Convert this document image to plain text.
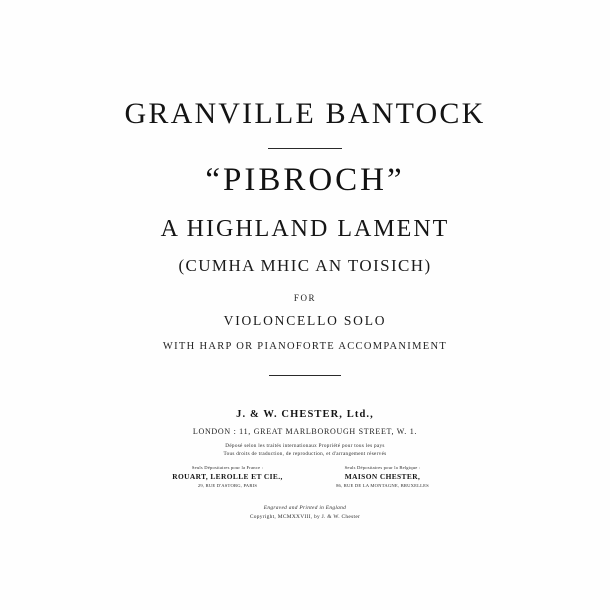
GRANVILLE BANTOCK
“PIBROCH”
A HIGHLAND LAMENT
(CUMHA MHIC AN TOISICH)
FOR
VIOLONCELLO SOLO
WITH HARP OR PIANOFORTE ACCOMPANIMENT
J. & W. CHESTER, Ltd.,
LONDON : 11, GREAT MARLBOROUGH STREET, W. 1.
Déposé selon les traités internationaux Propriété pour tous les pays
Tous droits de traduction, de reproduction, et d'arrangement réservés
Seuls Dépositaires pour la France :
ROUART, LEROLLE ET CIE.,
29, RUE D'ASTORG, PARIS
Seuls Dépositaires pour la Belgique :
MAISON CHESTER,
86, RUE DE LA MONTAGNE, BRUXELLES
Engraved and Printed in England
Copyright, MCMXXVIII, by J. & W. Chester
